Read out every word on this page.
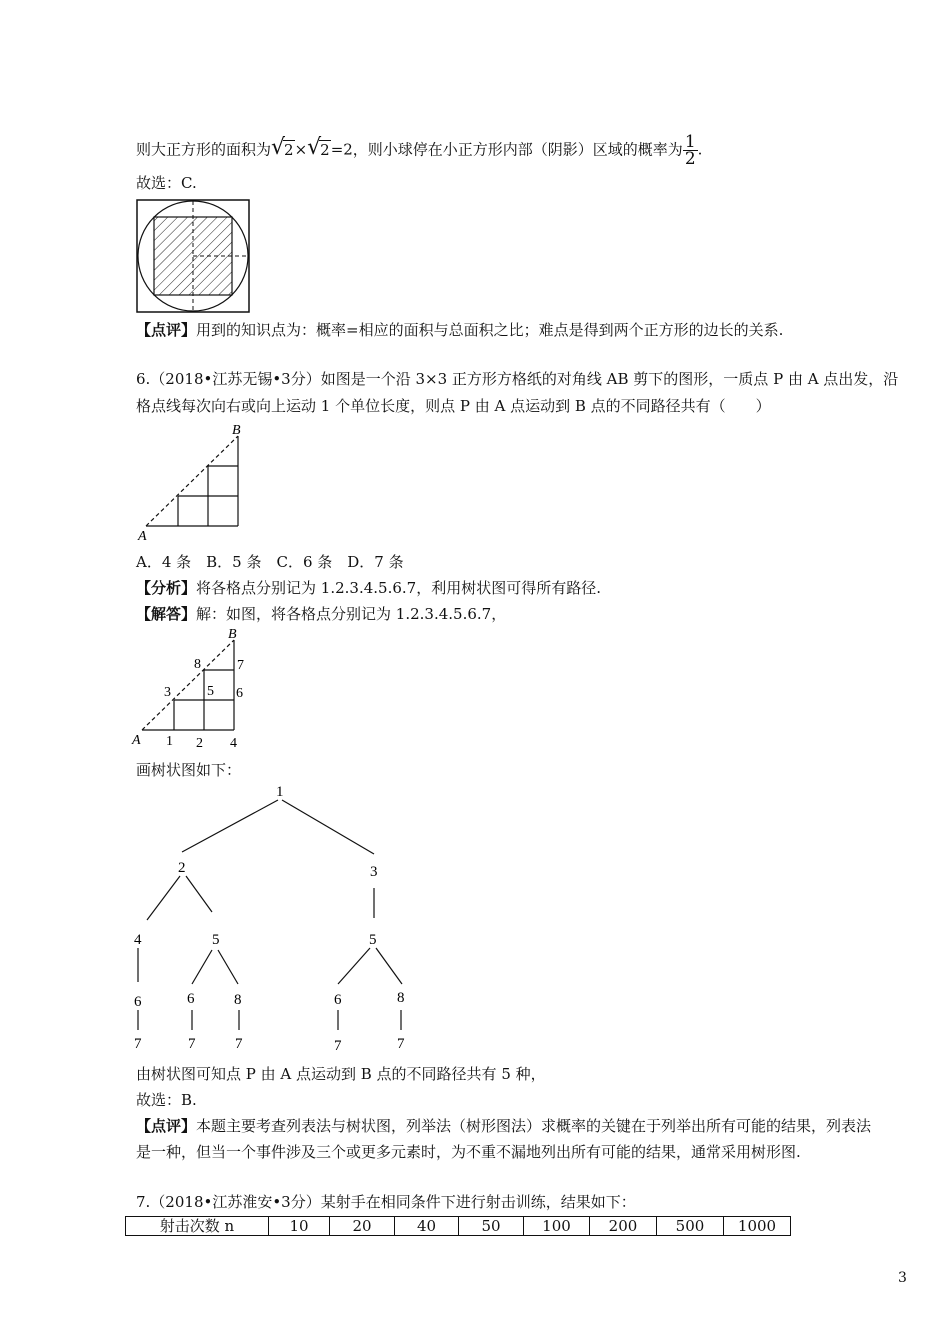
则大正方形的面积为 √
2× √
2=2，则小球停在小正方形内部（阴影）区域的概率为 $\frac{1}{2}$ .
故选：C.
【点评】用到的知识点为：概率=相应的面积与总面积之比；难点是得到两个正方形的边长的关系.
6.（2018•江苏无锡•3分）如图是一个沿 3×3 正方形方格纸的对角线 AB 剪下的图形，一质点 P 由 A 点出发，沿
格点线每次向右或向上运动 1 个单位长度，则点 P 由 A 点运动到 B 点的不同路径共有（　　）
A
B
A．4 条　B．5 条　C．6 条　D．7 条
【分析】将各格点分别记为 1.2.3.4.5.6.7，利用树状图可得所有路径.
【解答】解：如图，将各格点分别记为 1.2.3.4.5.6.7，
A
B
1 2 4
3	5 6
8	7
画树状图如下：
1
2	3
4	5	5
6	6	8	6	8
7	7	7	7	7
由树状图可知点 P 由 A 点运动到 B 点的不同路径共有 5 种，
故选：B.
【点评】本题主要考查列表法与树状图，列举法（树形图法）求概率的关键在于列举出所有可能的结果，列表法
是一种，但当一个事件涉及三个或更多元素时，为不重不漏地列出所有可能的结果，通常采用树形图.
7.（2018•江苏淮安•3分）某射手在相同条件下进行射击训练，结果如下：
射击次数 n	10	20	40	50	100	200	500	1000
3
